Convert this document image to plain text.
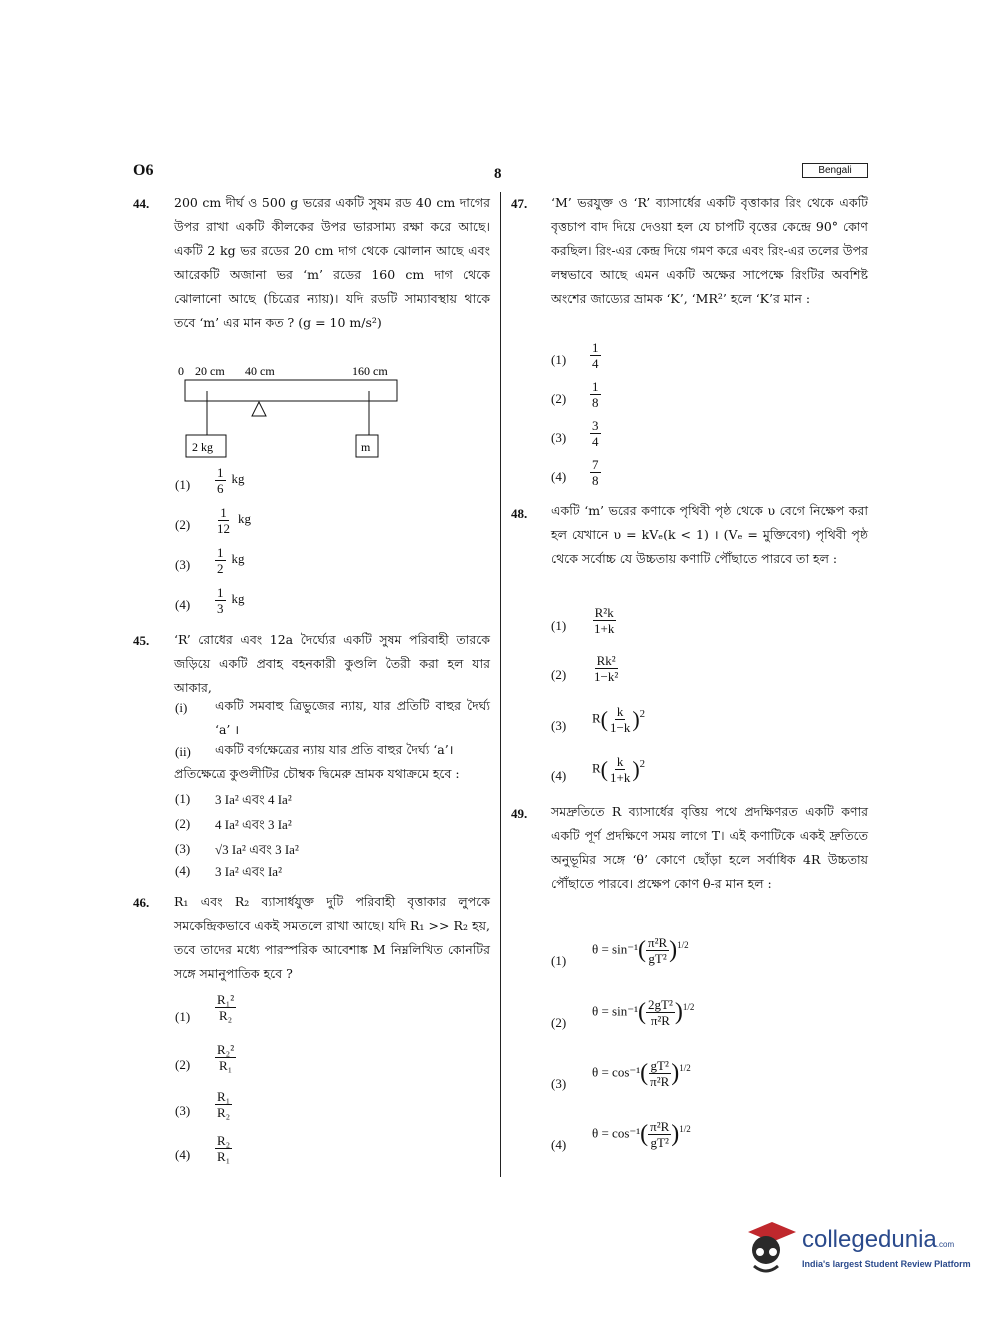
O6	8	Bengali
44. 200 cm দীর্ঘ ও 500 g ভরের একটি সুষম রড 40 cm দাগের উপর রাখা একটি কীলকের উপর ভারসাম্য রক্ষা করে আছে। একটি 2 kg ভর রডের 20 cm দাগ থেকে ঝোলান আছে এবং আরেকটি অজানা ভর ‘m’ রডের 160 cm দাগ থেকে ঝোলানো আছে (চিত্রের ন্যায়)। যদি রডটি সাম্যাবস্থায় থাকে তবে ‘m’ এর মান কত ? (g = 10 m/s²)
0 20 cm 40 cm	160 cm
2 kg	m
$(1) \frac{1}{6}$ kg
$(2) \frac{1}{12}$ kg
$(3) \frac{1}{2}$ kg
$(4) \frac{1}{3}$ kg
45. ‘R’ রোধের এবং 12a দৈর্ঘ্যের একটি সুষম পরিবাহী তারকে জড়িয়ে একটি প্রবাহ বহনকারী কুণ্ডলি তৈরী করা হল যার আকার,
(i) একটি সমবাহু ত্রিভুজের ন্যায়, যার প্রতিটি বাহুর দৈর্ঘ্য ‘a’ ।
(ii) একটি বর্গক্ষেত্রের ন্যায় যার প্রতি বাহুর দৈর্ঘ্য ‘a’।
প্রতিক্ষেত্রে কুণ্ডলীটির চৌম্বক দ্বিমেরু ভ্রামক যথাক্রমে হবে :
(1) 3 Ia² এবং 4 Ia²
(2) 4 Ia² এবং 3 Ia²
(3) √3 Ia² এবং 3 Ia²
(4) 3 Ia² এবং Ia²
46. R₁ এবং R₂ ব্যাসার্ধযুক্ত দুটি পরিবাহী বৃত্তাকার লুপকে সমকেন্দ্রিকভাবে একই সমতলে রাখা আছে। যদি R₁ >> R₂ হয়, তবে তাদের মধ্যে পারস্পরিক আবেশাঙ্ক M নিম্নলিখিত কোনটির সঙ্গে সমানুপাতিক হবে ?
$(1) \frac{\text{R₁²}}{\text{R₂}}$
$(2) \frac{\text{R₂²}}{\text{R₁}}$
$(3) \frac{\text{R₁}}{\text{R₂}}$
$(4) \frac{\text{R₂}}{\text{R₁}}$
47. ‘M’ ভরযুক্ত ও ‘R’ ব্যাসার্ধের একটি বৃত্তাকার রিং থেকে একটি বৃত্তচাপ বাদ দিয়ে দেওয়া হল যে চাপটি বৃত্তের কেন্দ্রে 90° কোণ করছিল। রিং-এর কেন্দ্র দিয়ে গমণ করে এবং রিং-এর তলের উপর লম্বভাবে আছে এমন একটি অক্ষের সাপেক্ষে রিংটির অবশিষ্ট অংশের জাড্যের ভ্রামক ‘K’, ‘MR²’ হলে ‘K’র মান :
$(1) \frac{1}{4}$
$(2) \frac{1}{8}$
$(3) \frac{3}{4}$
$(4) \frac{7}{8}$
48. একটি ‘m’ ভরের কণাকে পৃথিবী পৃষ্ঠ থেকে υ বেগে নিক্ষেপ করা হল যেখানে υ = kVₑ(k < 1) । (Vₑ = মুক্তিবেগ) পৃথিবী পৃষ্ঠ থেকে সর্বোচ্চ যে উচ্চতায় কণাটি পৌঁছাতে পারবে তা হল :
$(1) \frac{\text{R²k}}{1+k}$
$(2) \frac{\text{Rk²}}{\text{1−k²}}$
(3)
$R( \frac{k}{1-k} )^2$
(4)
$R( \frac{k}{1+k} )^2$
49. সমদ্রুতিতে R ব্যাসার্ধের বৃত্তিয় পথে প্রদক্ষিণরত একটি কণার একটি পূর্ণ প্রদক্ষিণে সময় লাগে T। এই কণাটিকে একই দ্রুতিতে অনুভূমির সঙ্গে ‘θ’ কোণে ছোঁড়া হলে সর্বাধিক 4R উচ্চতায় পৌঁছাতে পারবে। প্রক্ষেপ কোণ θ-র মান হল :
(1)
$\theta = \sin^{-1}( \frac{\text{π²R}}{\text{gT²}} )^{1/2}$
(2)
$\theta = \sin^{-1}( \frac{\text{2gT²}}{\text{π²R}} )^{1/2}$
(3)
$\theta = \cos^{-1}( \frac{\text{gT²}}{\text{π²R}} )^{1/2}$
(4)
$\theta = \cos^{-1}( \frac{\text{π²R}}{\text{gT²}} )^{1/2}$
collegedunia.com
India's largest Student Review Platform
